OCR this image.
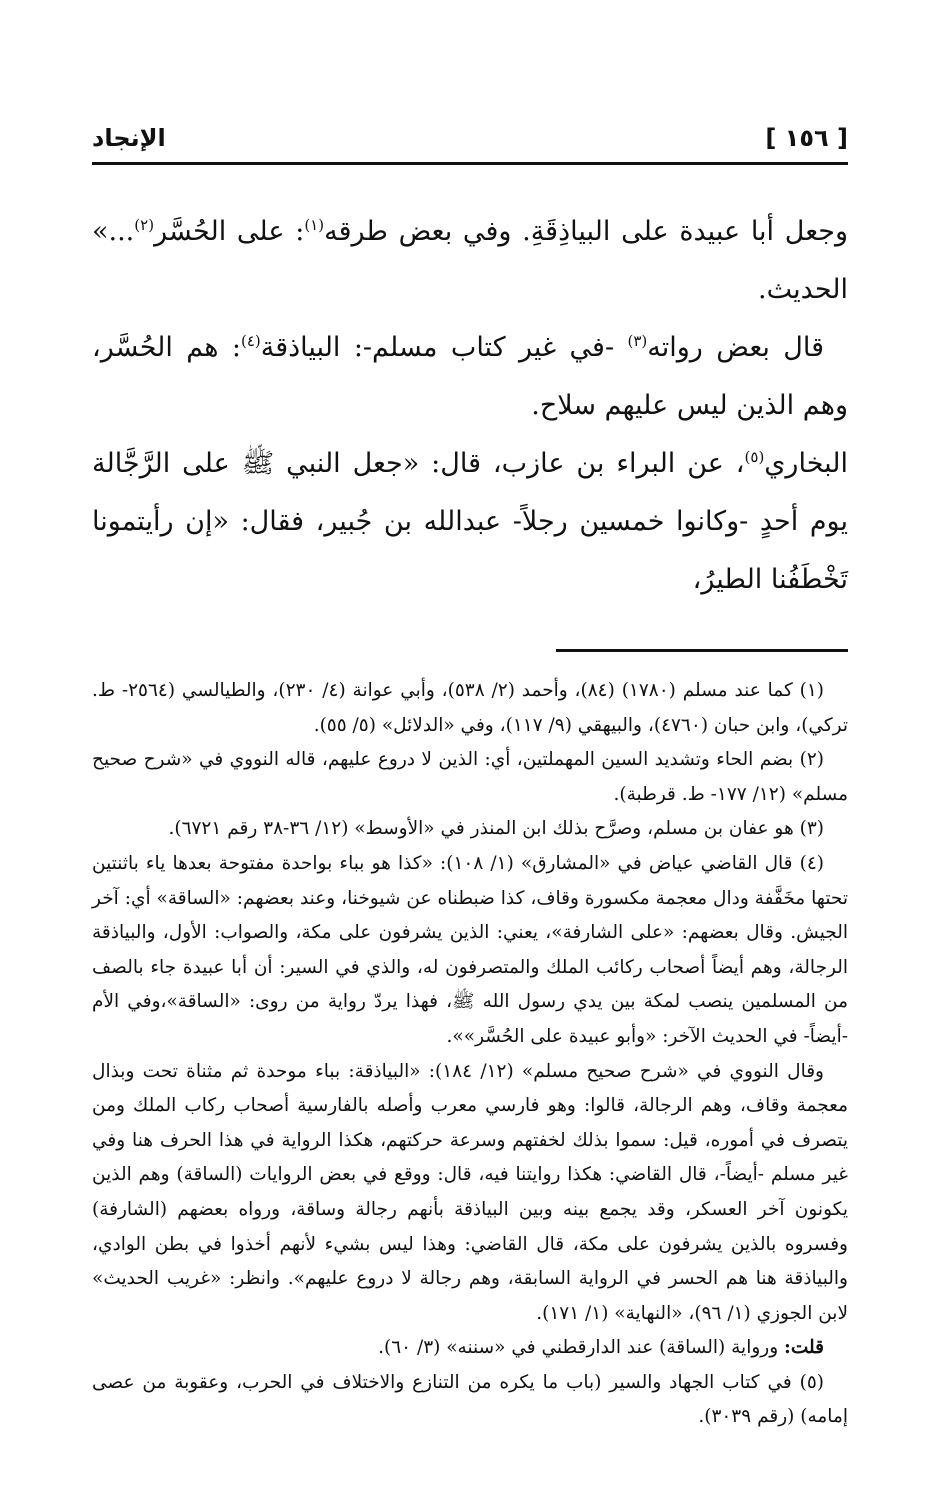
[ ١٥٦ ]
الإنجاد

وجعل أبا عبيدة على البياذِقَةِ. وفي بعض طرقه$^{(١)}$: على الحُسَّر$^{(٢)}$...» الحديث.

قال بعض رواته$^{(٣)}$ -في غير كتاب مسلم-: البياذقة$^{(٤)}$: هم الحُسَّر، وهم الذين ليس عليهم سلاح.

البخاري$^{(٥)}$، عن البراء بن عازب، قال: «جعل النبي ﷺ على الرَّجَّالة يوم أحدٍ -وكانوا خمسين رجلاً- عبدالله بن جُبير، فقال: «إن رأيتمونا تَخْطَفُنا الطيرُ،

(١) كما عند مسلم (١٧٨٠) (٨٤)، وأحمد (٢/ ٥٣٨)، وأبي عوانة (٤/ ٢٣٠)، والطيالسي (٢٥٦٤- ط. تركي)، وابن حبان (٤٧٦٠)، والبيهقي (٩/ ١١٧)، وفي «الدلائل» (٥/ ٥٥).

(٢) بضم الحاء وتشديد السين المهملتين، أي: الذين لا دروع عليهم، قاله النووي في «شرح صحيح مسلم» (١٢/ ١٧٧- ط. قرطبة).

(٣) هو عفان بن مسلم، وصرَّح بذلك ابن المنذر في «الأوسط» (١٢/ ٣٦-٣٨ رقم ٦٧٢١).

(٤) قال القاضي عياض في «المشارق» (١/ ١٠٨): «كذا هو بباء بواحدة مفتوحة بعدها ياء باثنتين تحتها مخَفَّفة ودال معجمة مكسورة وقاف، كذا ضبطناه عن شيوخنا، وعند بعضهم: «الساقة» أي: آخر الجيش. وقال بعضهم: «على الشارفة»، يعني: الذين يشرفون على مكة، والصواب: الأول، والبياذقة الرجالة، وهم أيضاً أصحاب ركائب الملك والمتصرفون له، والذي في السير: أن أبا عبيدة جاء بالصف من المسلمين ينصب لمكة بين يدي رسول الله ﷺ، فهذا يردّ رواية من روى: «الساقة»،وفي الأم -أيضاً- في الحديث الآخر: «وأبو عبيدة على الحُسَّر»».

وقال النووي في «شرح صحيح مسلم» (١٢/ ١٨٤): «البياذقة: بباء موحدة ثم مثناة تحت وبذال معجمة وقاف، وهم الرجالة، قالوا: وهو فارسي معرب وأصله بالفارسية أصحاب ركاب الملك ومن يتصرف في أموره، قيل: سموا بذلك لخفتهم وسرعة حركتهم، هكذا الرواية في هذا الحرف هنا وفي غير مسلم -أيضاً-، قال القاضي: هكذا روايتنا فيه، قال: ووقع في بعض الروايات (الساقة) وهم الذين يكونون آخر العسكر، وقد يجمع بينه وبين البياذقة بأنهم رجالة وساقة، ورواه بعضهم (الشارفة) وفسروه بالذين يشرفون على مكة، قال القاضي: وهذا ليس بشيء لأنهم أخذوا في بطن الوادي، والبياذقة هنا هم الحسر في الرواية السابقة، وهم رجالة لا دروع عليهم». وانظر: «غريب الحديث» لابن الجوزي (١/ ٩٦)، «النهاية» (١/ ١٧١).

قلت: ورواية (الساقة) عند الدارقطني في «سننه» (٣/ ٦٠).

(٥) في كتاب الجهاد والسير (باب ما يكره من التنازع والاختلاف في الحرب، وعقوبة من عصى إمامه) (رقم ٣٠٣٩).
